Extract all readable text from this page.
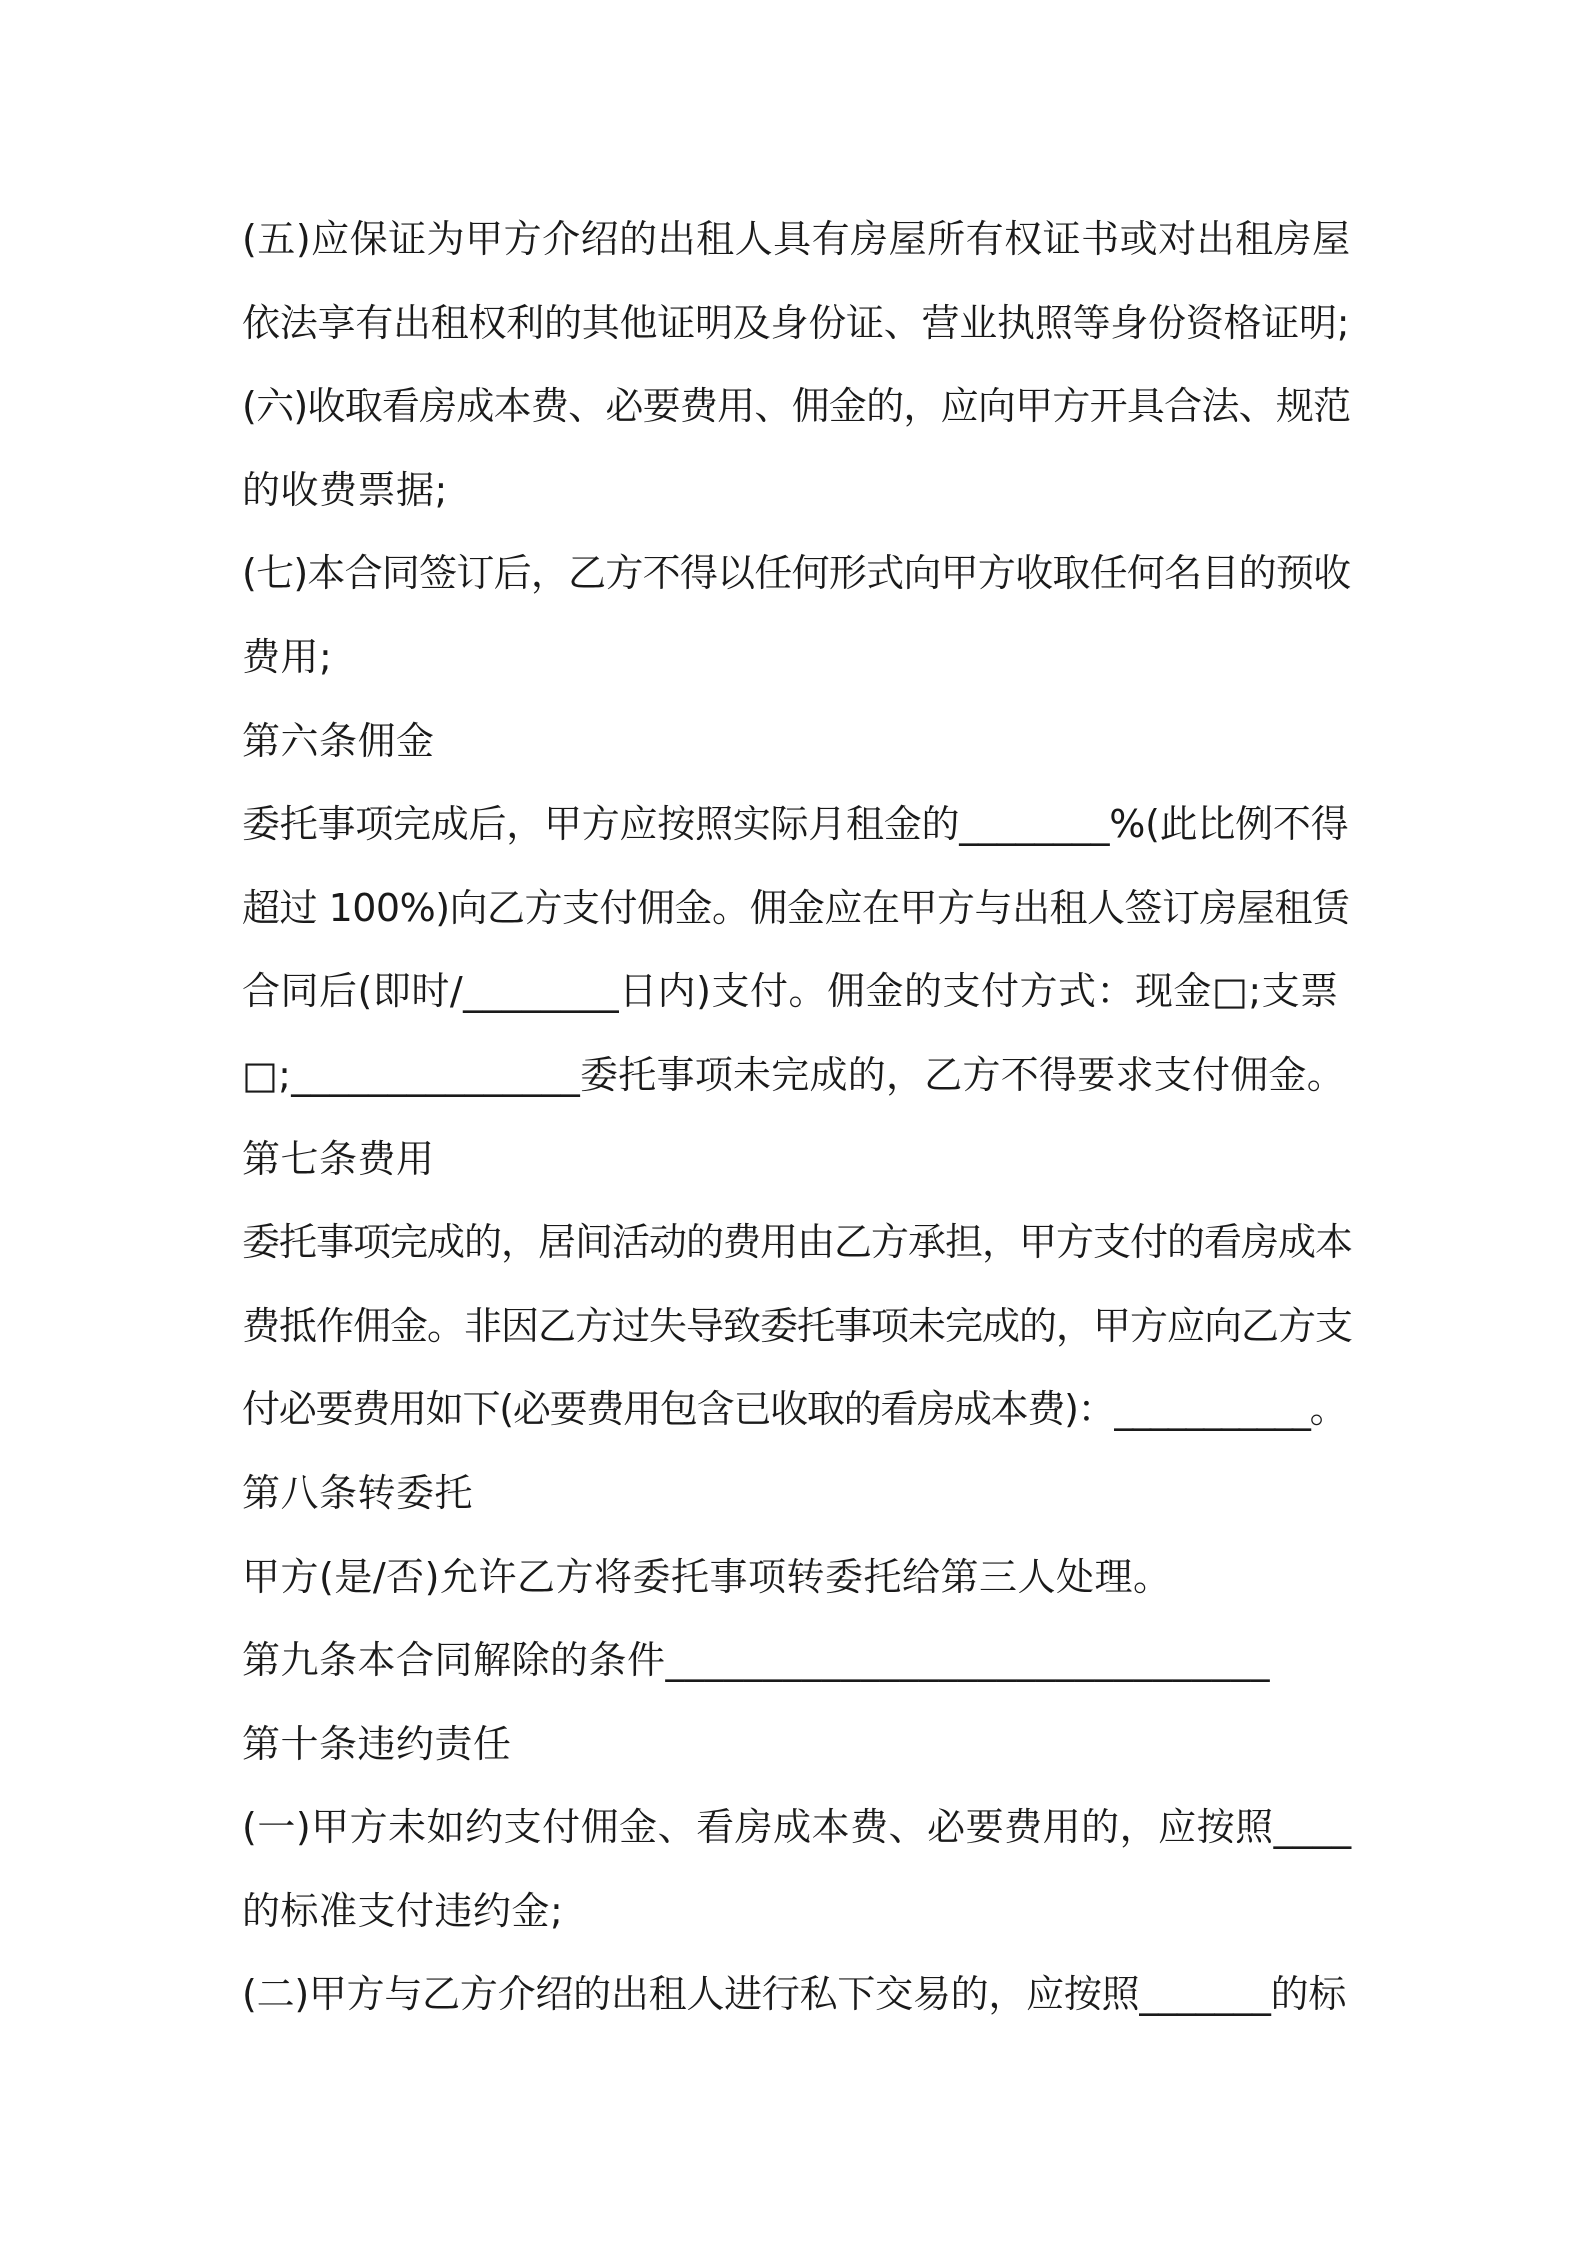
(五)应保证为甲方介绍的出租人具有房屋所有权证书或对出租房屋
依法享有出租权利的其他证明及身份证、营业执照等身份资格证明;
(六)收取看房成本费、必要费用、佣金的，应向甲方开具合法、规范
的收费票据;
(七)本合同签订后，乙方不得以任何形式向甲方收取任何名目的预收
费用;
第六条佣金
委托事项完成后，甲方应按照实际月租金的________%(此比例不得
超过 100%)向乙方支付佣金。佣金应在甲方与出租人签订房屋租赁
合同后(即时/________日内)支付。佣金的支付方式：现金□;支票
□;_______________委托事项未完成的，乙方不得要求支付佣金。
第七条费用
委托事项完成的，居间活动的费用由乙方承担，甲方支付的看房成本
费抵作佣金。非因乙方过失导致委托事项未完成的，甲方应向乙方支
付必要费用如下(必要费用包含已收取的看房成本费)：___________。
第八条转委托
甲方(是/否)允许乙方将委托事项转委托给第三人处理。
第九条本合同解除的条件_______________________________
第十条违约责任
(一)甲方未如约支付佣金、看房成本费、必要费用的，应按照____
的标准支付违约金;
(二)甲方与乙方介绍的出租人进行私下交易的，应按照_______的标
